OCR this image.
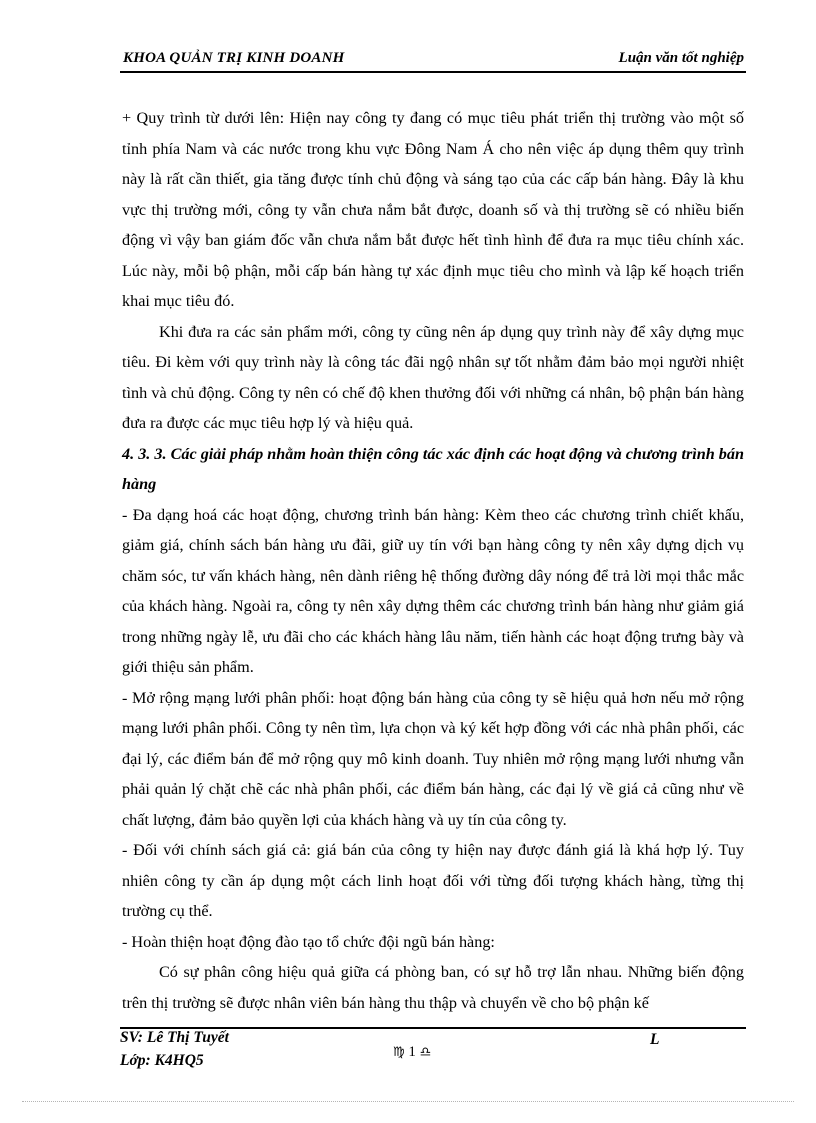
KHOA QUẢN TRỊ KINH DOANH	Luận văn tốt nghiệp

+ Quy trình từ dưới lên: Hiện nay công ty đang có mục tiêu phát triển thị trường vào một số tỉnh phía Nam và các nước trong khu vực Đông Nam Á cho nên việc áp dụng thêm quy trình này là rất cần thiết, gia tăng được tính chủ động và sáng tạo của các cấp bán hàng. Đây là khu vực thị trường mới, công ty vẫn chưa nắm bắt được, doanh số và thị trường sẽ có nhiều biến động vì vậy ban giám đốc vẫn chưa nắm bắt được hết tình hình để đưa ra mục tiêu chính xác. Lúc này, mỗi bộ phận, mỗi cấp bán hàng tự xác định mục tiêu cho mình và lập kế hoạch triển khai mục tiêu đó.

Khi đưa ra các sản phẩm mới, công ty cũng nên áp dụng quy trình này để xây dựng mục tiêu. Đi kèm với quy trình này là công tác đãi ngộ nhân sự tốt nhằm đảm bảo mọi người nhiệt tình và chủ động. Công ty nên có chế độ khen thưởng đối với những cá nhân, bộ phận bán hàng đưa ra được các mục tiêu hợp lý và hiệu quả.

4. 3. 3. Các giải pháp nhằm hoàn thiện công tác xác định các hoạt động và chương trình bán hàng

- Đa dạng hoá các hoạt động, chương trình bán hàng: Kèm theo các chương trình chiết khấu, giảm giá, chính sách bán hàng ưu đãi, giữ uy tín với bạn hàng công ty nên xây dựng dịch vụ chăm sóc, tư vấn khách hàng, nên dành riêng hệ thống đường dây nóng để trả lời mọi thắc mắc của khách hàng. Ngoài ra, công ty nên xây dựng thêm các chương trình bán hàng như giảm giá trong những ngày lễ, ưu đãi cho các khách hàng lâu năm, tiến hành các hoạt động trưng bày và giới thiệu sản phẩm.

- Mở rộng mạng lưới phân phối: hoạt động bán hàng của công ty sẽ hiệu quả hơn nếu mở rộng mạng lưới phân phối. Công ty nên tìm, lựa chọn và ký kết hợp đồng với các nhà phân phối, các đại lý, các điểm bán để mở rộng quy mô kinh doanh. Tuy nhiên mở rộng mạng lưới nhưng vẫn phải quản lý chặt chẽ các nhà phân phối, các điểm bán hàng, các đại lý về giá cả cũng như về chất lượng, đảm bảo quyền lợi của khách hàng và uy tín của công ty.

- Đối với chính sách giá cả: giá bán của công ty hiện nay được đánh giá là khá hợp lý. Tuy nhiên công ty cần áp dụng một cách linh hoạt đối với từng đối tượng khách hàng, từng thị trường cụ thể.

- Hoàn thiện hoạt động đào tạo tổ chức đội ngũ bán hàng:

Có sự phân công hiệu quả giữa cá phòng ban, có sự hỗ trợ lẫn nhau. Những biến động trên thị trường sẽ được nhân viên bán hàng thu thập và chuyển về cho bộ phận kế

SV: Lê Thị Tuyết
Lớp: K4HQ5
L
♍ 1 ♎
